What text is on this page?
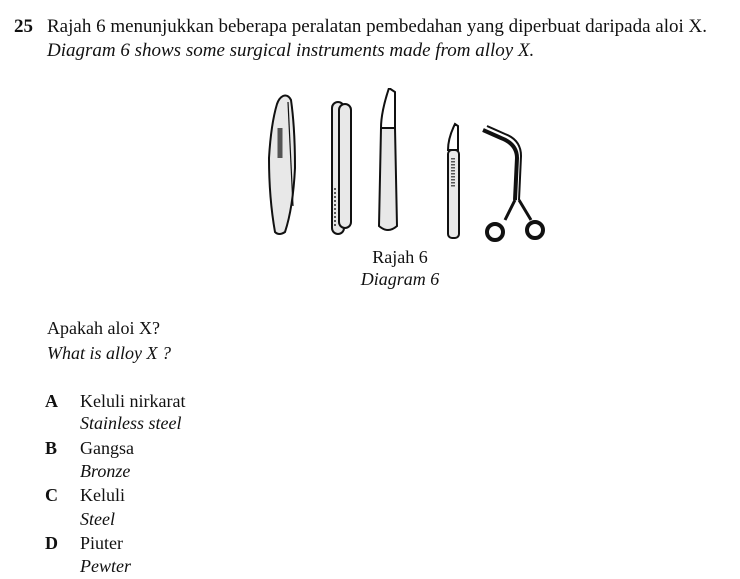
25 Rajah 6 menunjukkan beberapa peralatan pembedahan yang diperbuat daripada aloi X.
Diagram 6 shows some surgical instruments made from alloy X.
Rajah 6
Diagram 6
Apakah aloi X?
What is alloy X ?
A Keluli nirkarat
Stainless steel
B Gangsa
Bronze
C Keluli
Steel
D Piuter
Pewter
